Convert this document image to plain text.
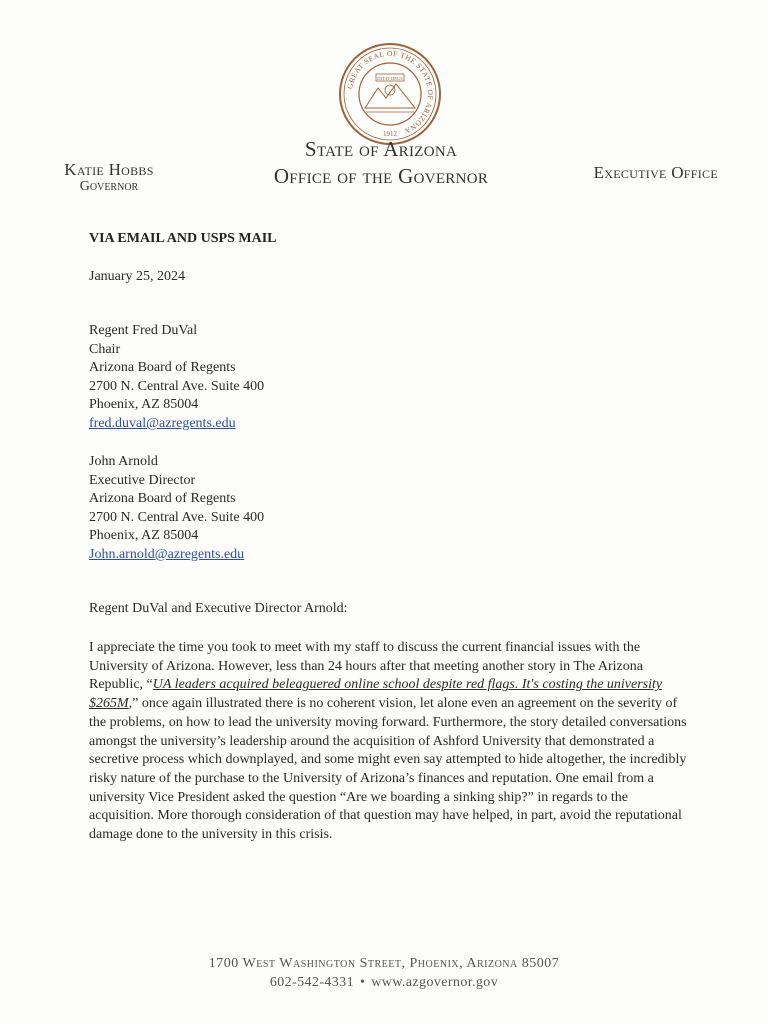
GREAT SEAL OF THE STATE OF ARIZONA
DITAT DEUS
1912
Katie Hobbs
Governor
State of Arizona
Office of the Governor	Executive Office
VIA EMAIL AND USPS MAIL
January 25, 2024
Regent Fred DuVal
Chair
Arizona Board of Regents
2700 N. Central Ave. Suite 400
Phoenix, AZ 85004
fred.duval@azregents.edu
John Arnold
Executive Director
Arizona Board of Regents
2700 N. Central Ave. Suite 400
Phoenix, AZ 85004
John.arnold@azregents.edu
Regent DuVal and Executive Director Arnold:
I appreciate the time you took to meet with my staff to discuss the current financial issues with the University of Arizona. However, less than 24 hours after that meeting another story in The Arizona Republic, “UA leaders acquired beleaguered online school despite red flags. It's costing the university $265M,” once again illustrated there is no coherent vision, let alone even an agreement on the severity of the problems, on how to lead the university moving forward. Furthermore, the story detailed conversations amongst the university’s leadership around the acquisition of Ashford University that demonstrated a secretive process which downplayed, and some might even say attempted to hide altogether, the incredibly risky nature of the purchase to the University of Arizona’s finances and reputation. One email from a university Vice President asked the question “Are we boarding a sinking ship?” in regards to the acquisition. More thorough consideration of that question may have helped, in part, avoid the reputational damage done to the university in this crisis.
1700 West Washington Street, Phoenix, Arizona 85007
602-542-4331 • www.azgovernor.gov
